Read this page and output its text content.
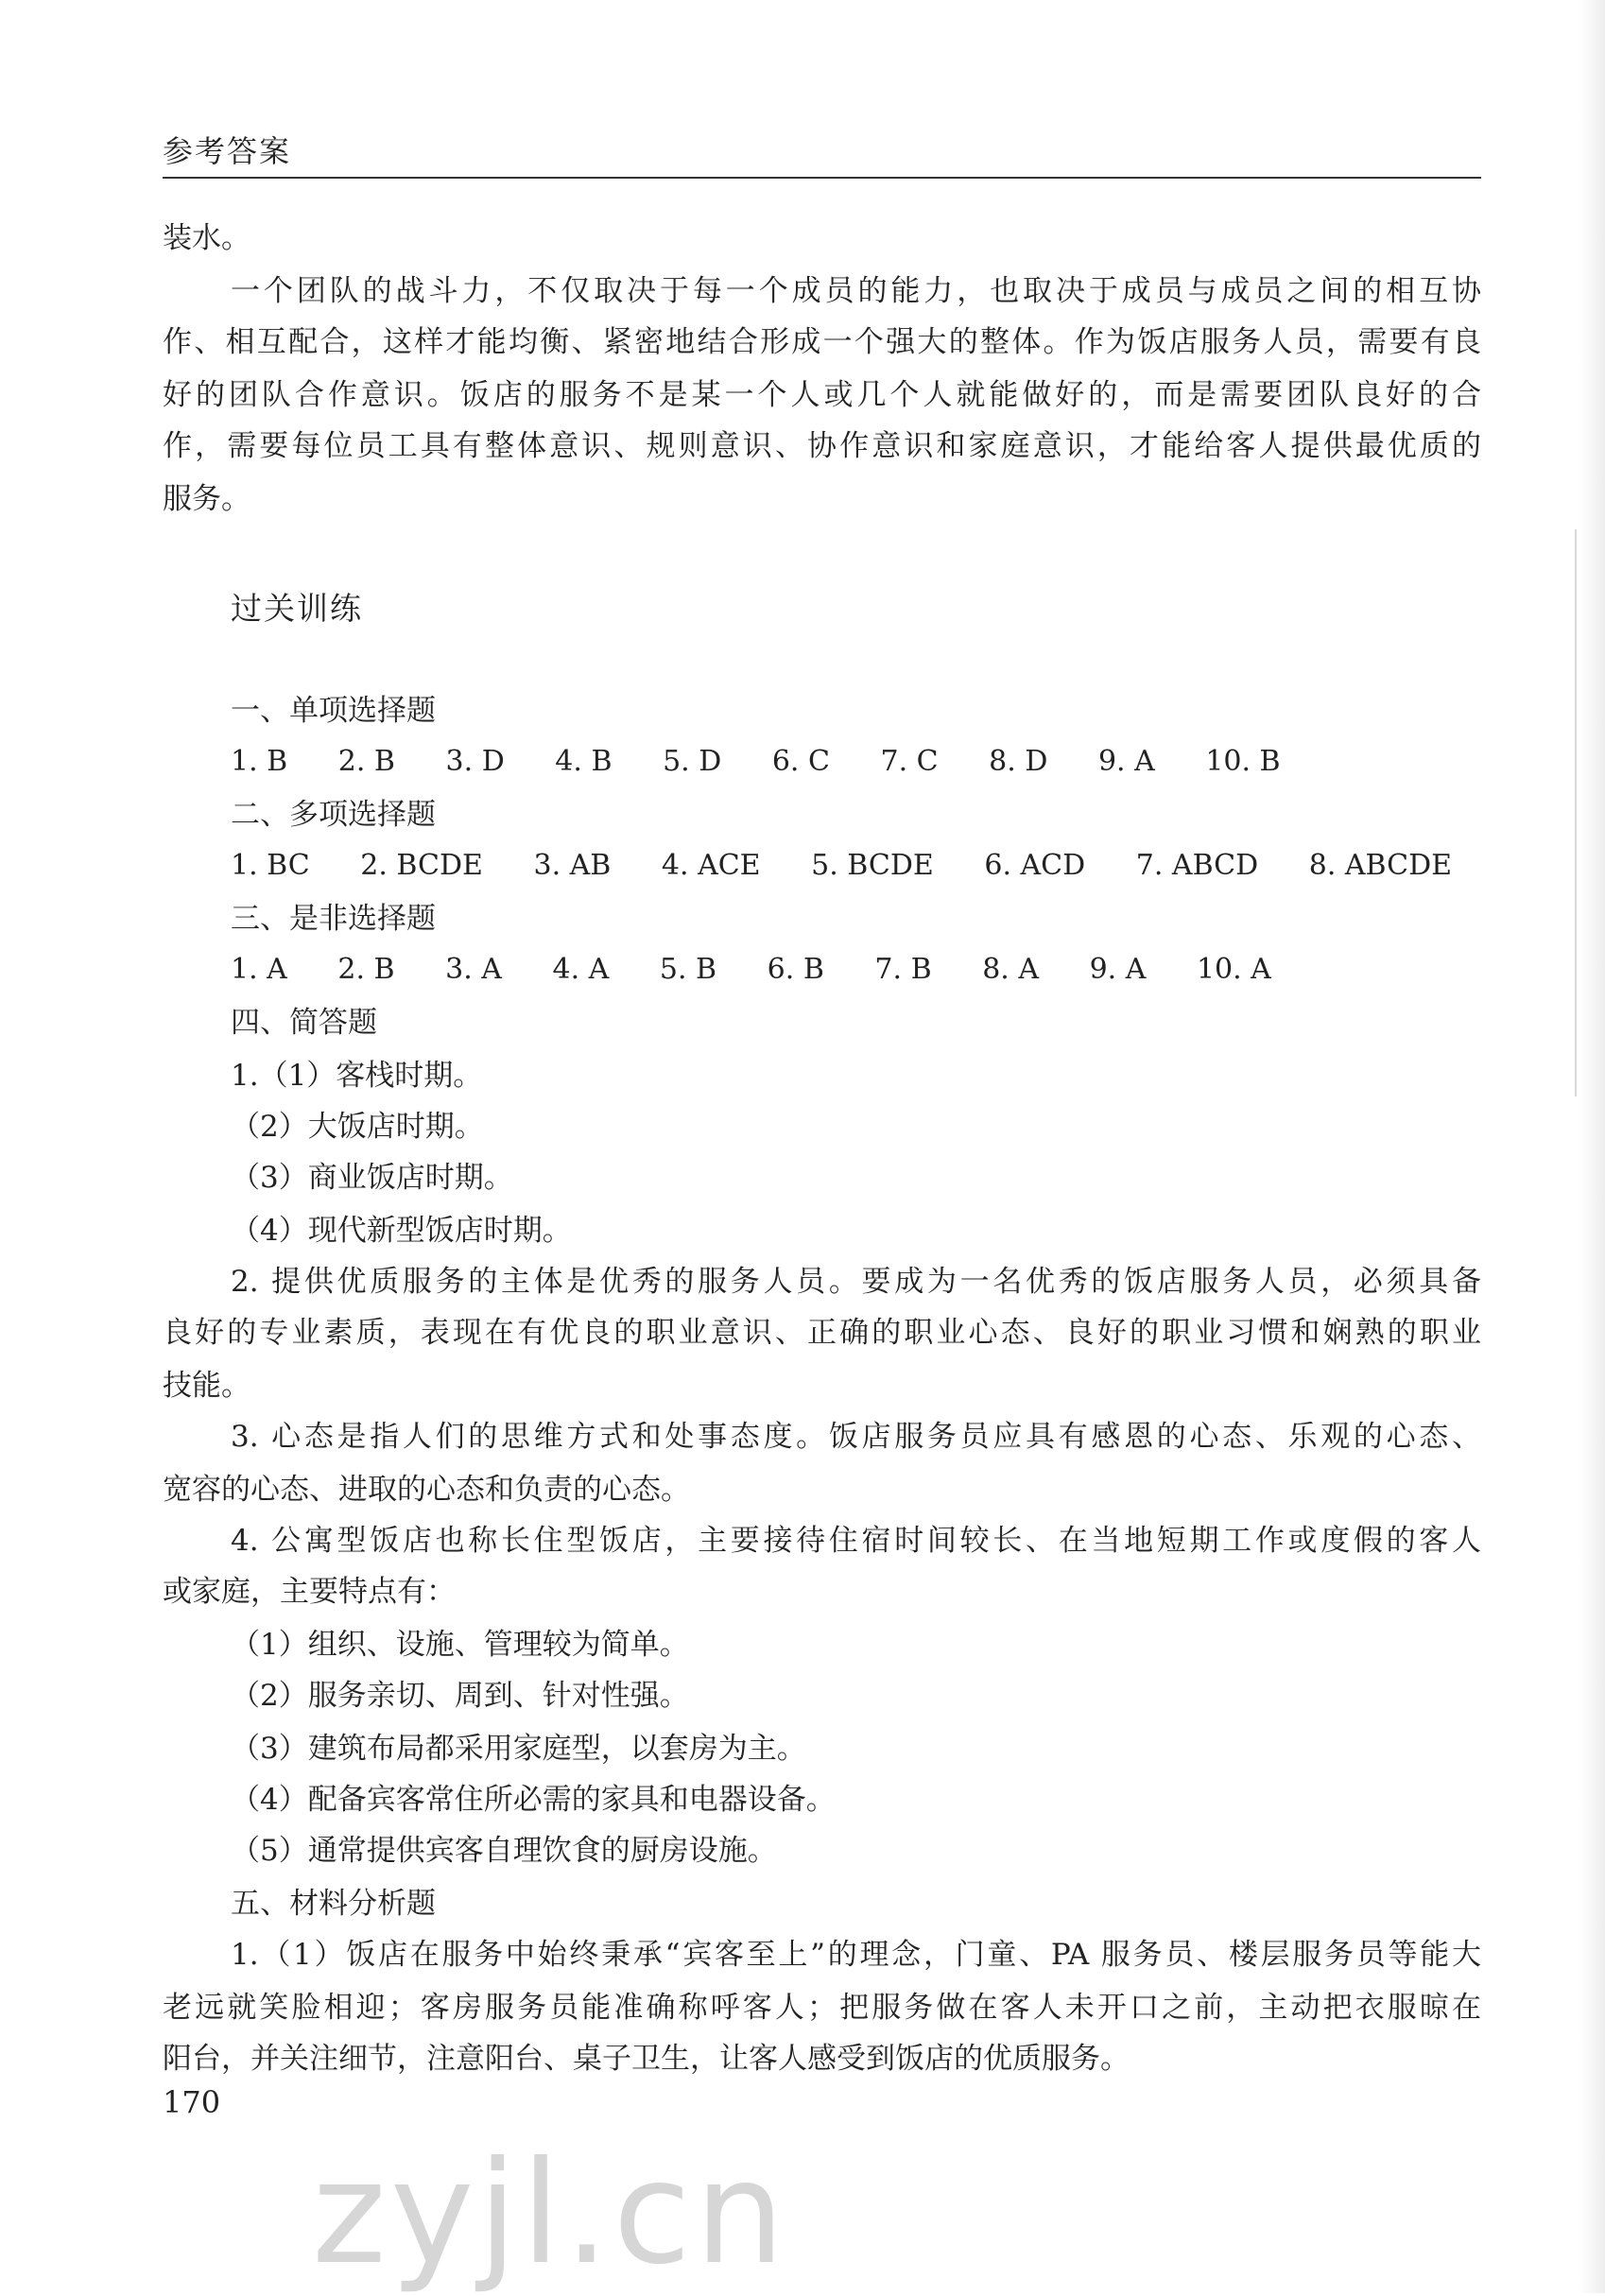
参考答案
装水。
一个团队的战斗力，不仅取决于每一个成员的能力，也取决于成员与成员之间的相互协
作、相互配合，这样才能均衡、紧密地结合形成一个强大的整体。作为饭店服务人员，需要有良
好的团队合作意识。饭店的服务不是某一个人或几个人就能做好的，而是需要团队良好的合
作，需要每位员工具有整体意识、规则意识、协作意识和家庭意识，才能给客人提供最优质的
服务。
过关训练
一、单项选择题
1. B 2. B 3. D 4. B 5. D 6. C 7. C 8. D 9. A 10. B
二、多项选择题
1. BC 2. BCDE 3. AB 4. ACE 5. BCDE 6. ACD 7. ABCD 8. ABCDE
三、是非选择题
1. A 2. B 3. A 4. A 5. B 6. B 7. B 8. A 9. A 10. A
四、简答题
1.（1）客栈时期。
（2）大饭店时期。
（3）商业饭店时期。
（4）现代新型饭店时期。
2. 提供优质服务的主体是优秀的服务人员。要成为一名优秀的饭店服务人员，必须具备
良好的专业素质，表现在有优良的职业意识、正确的职业心态、良好的职业习惯和娴熟的职业
技能。
3. 心态是指人们的思维方式和处事态度。饭店服务员应具有感恩的心态、乐观的心态、
宽容的心态、进取的心态和负责的心态。
4. 公寓型饭店也称长住型饭店，主要接待住宿时间较长、在当地短期工作或度假的客人
或家庭，主要特点有：
（1）组织、设施、管理较为简单。
（2）服务亲切、周到、针对性强。
（3）建筑布局都采用家庭型，以套房为主。
（4）配备宾客常住所必需的家具和电器设备。
（5）通常提供宾客自理饮食的厨房设施。
五、材料分析题
1.（1）饭店在服务中始终秉承“宾客至上”的理念，门童、PA 服务员、楼层服务员等能大
老远就笑脸相迎；客房服务员能准确称呼客人；把服务做在客人未开口之前，主动把衣服晾在
阳台，并关注细节，注意阳台、桌子卫生，让客人感受到饭店的优质服务。
170
zyjl.cn
